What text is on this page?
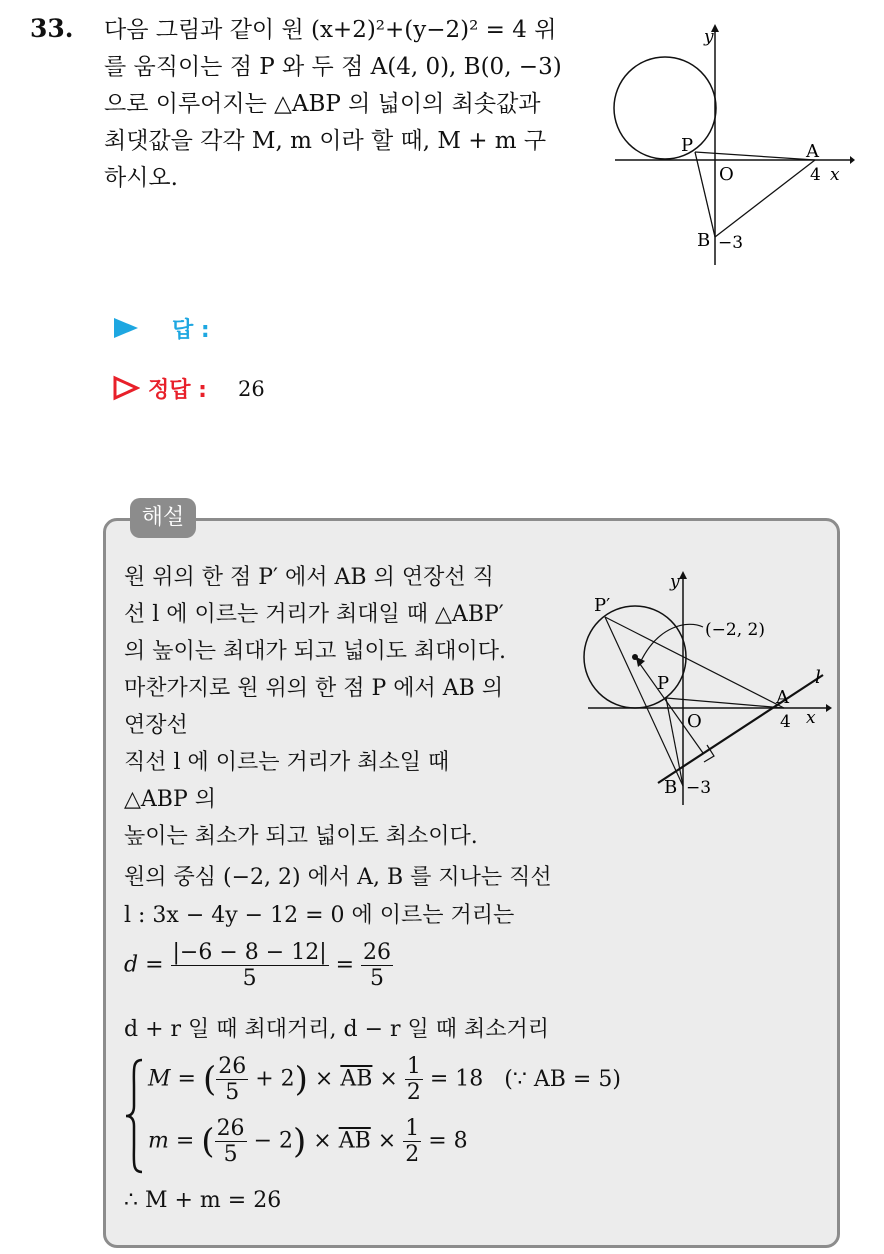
33. 다음 그림과 같이 원 (x+2)²+(y−2)² = 4 위
를 움직이는 점 P 와 두 점 A(4, 0), B(0, −3)
으로 이루어지는 △ABP 의 넓이의 최솟값과
최댓값을 각각 M, m 이라 할 때, M + m 구
하시오.
y
x
P	A
O	4
B −3
답 :
정답 : 26
해설
원 위의 한 점 P′ 에서 AB 의 연장선 직
선 l 에 이르는 거리가 최대일 때 △ABP′
의 높이는 최대가 되고 넓이도 최대이다.
마찬가지로 원 위의 한 점 P 에서 AB 의
연장선
직선 l 에 이르는 거리가 최소일 때
△ABP 의
높이는 최소가 되고 넓이도 최소이다.
원의 중심 (−2, 2) 에서 A, B 를 지나는 직선
l : 3x − 4y − 12 = 0 에 이르는 거리는
$d = \frac{|-6 - 8 - 12|}{5} = \frac{26}{5}$
d + r 일 때 최대거리, d − r 일 때 최소거리
M = ( $\frac{26}{5} + 2) \times \overline{AB} \times \frac{1}{2} = 18$ (∵ AB = 5)
m = ( $\frac{26}{5} - 2) \times \overline{AB} \times \frac{1}{2} = 8$
∴ M + m = 26
y
x
P′
P
A
O	4
B −3
(−2, 2)
l
